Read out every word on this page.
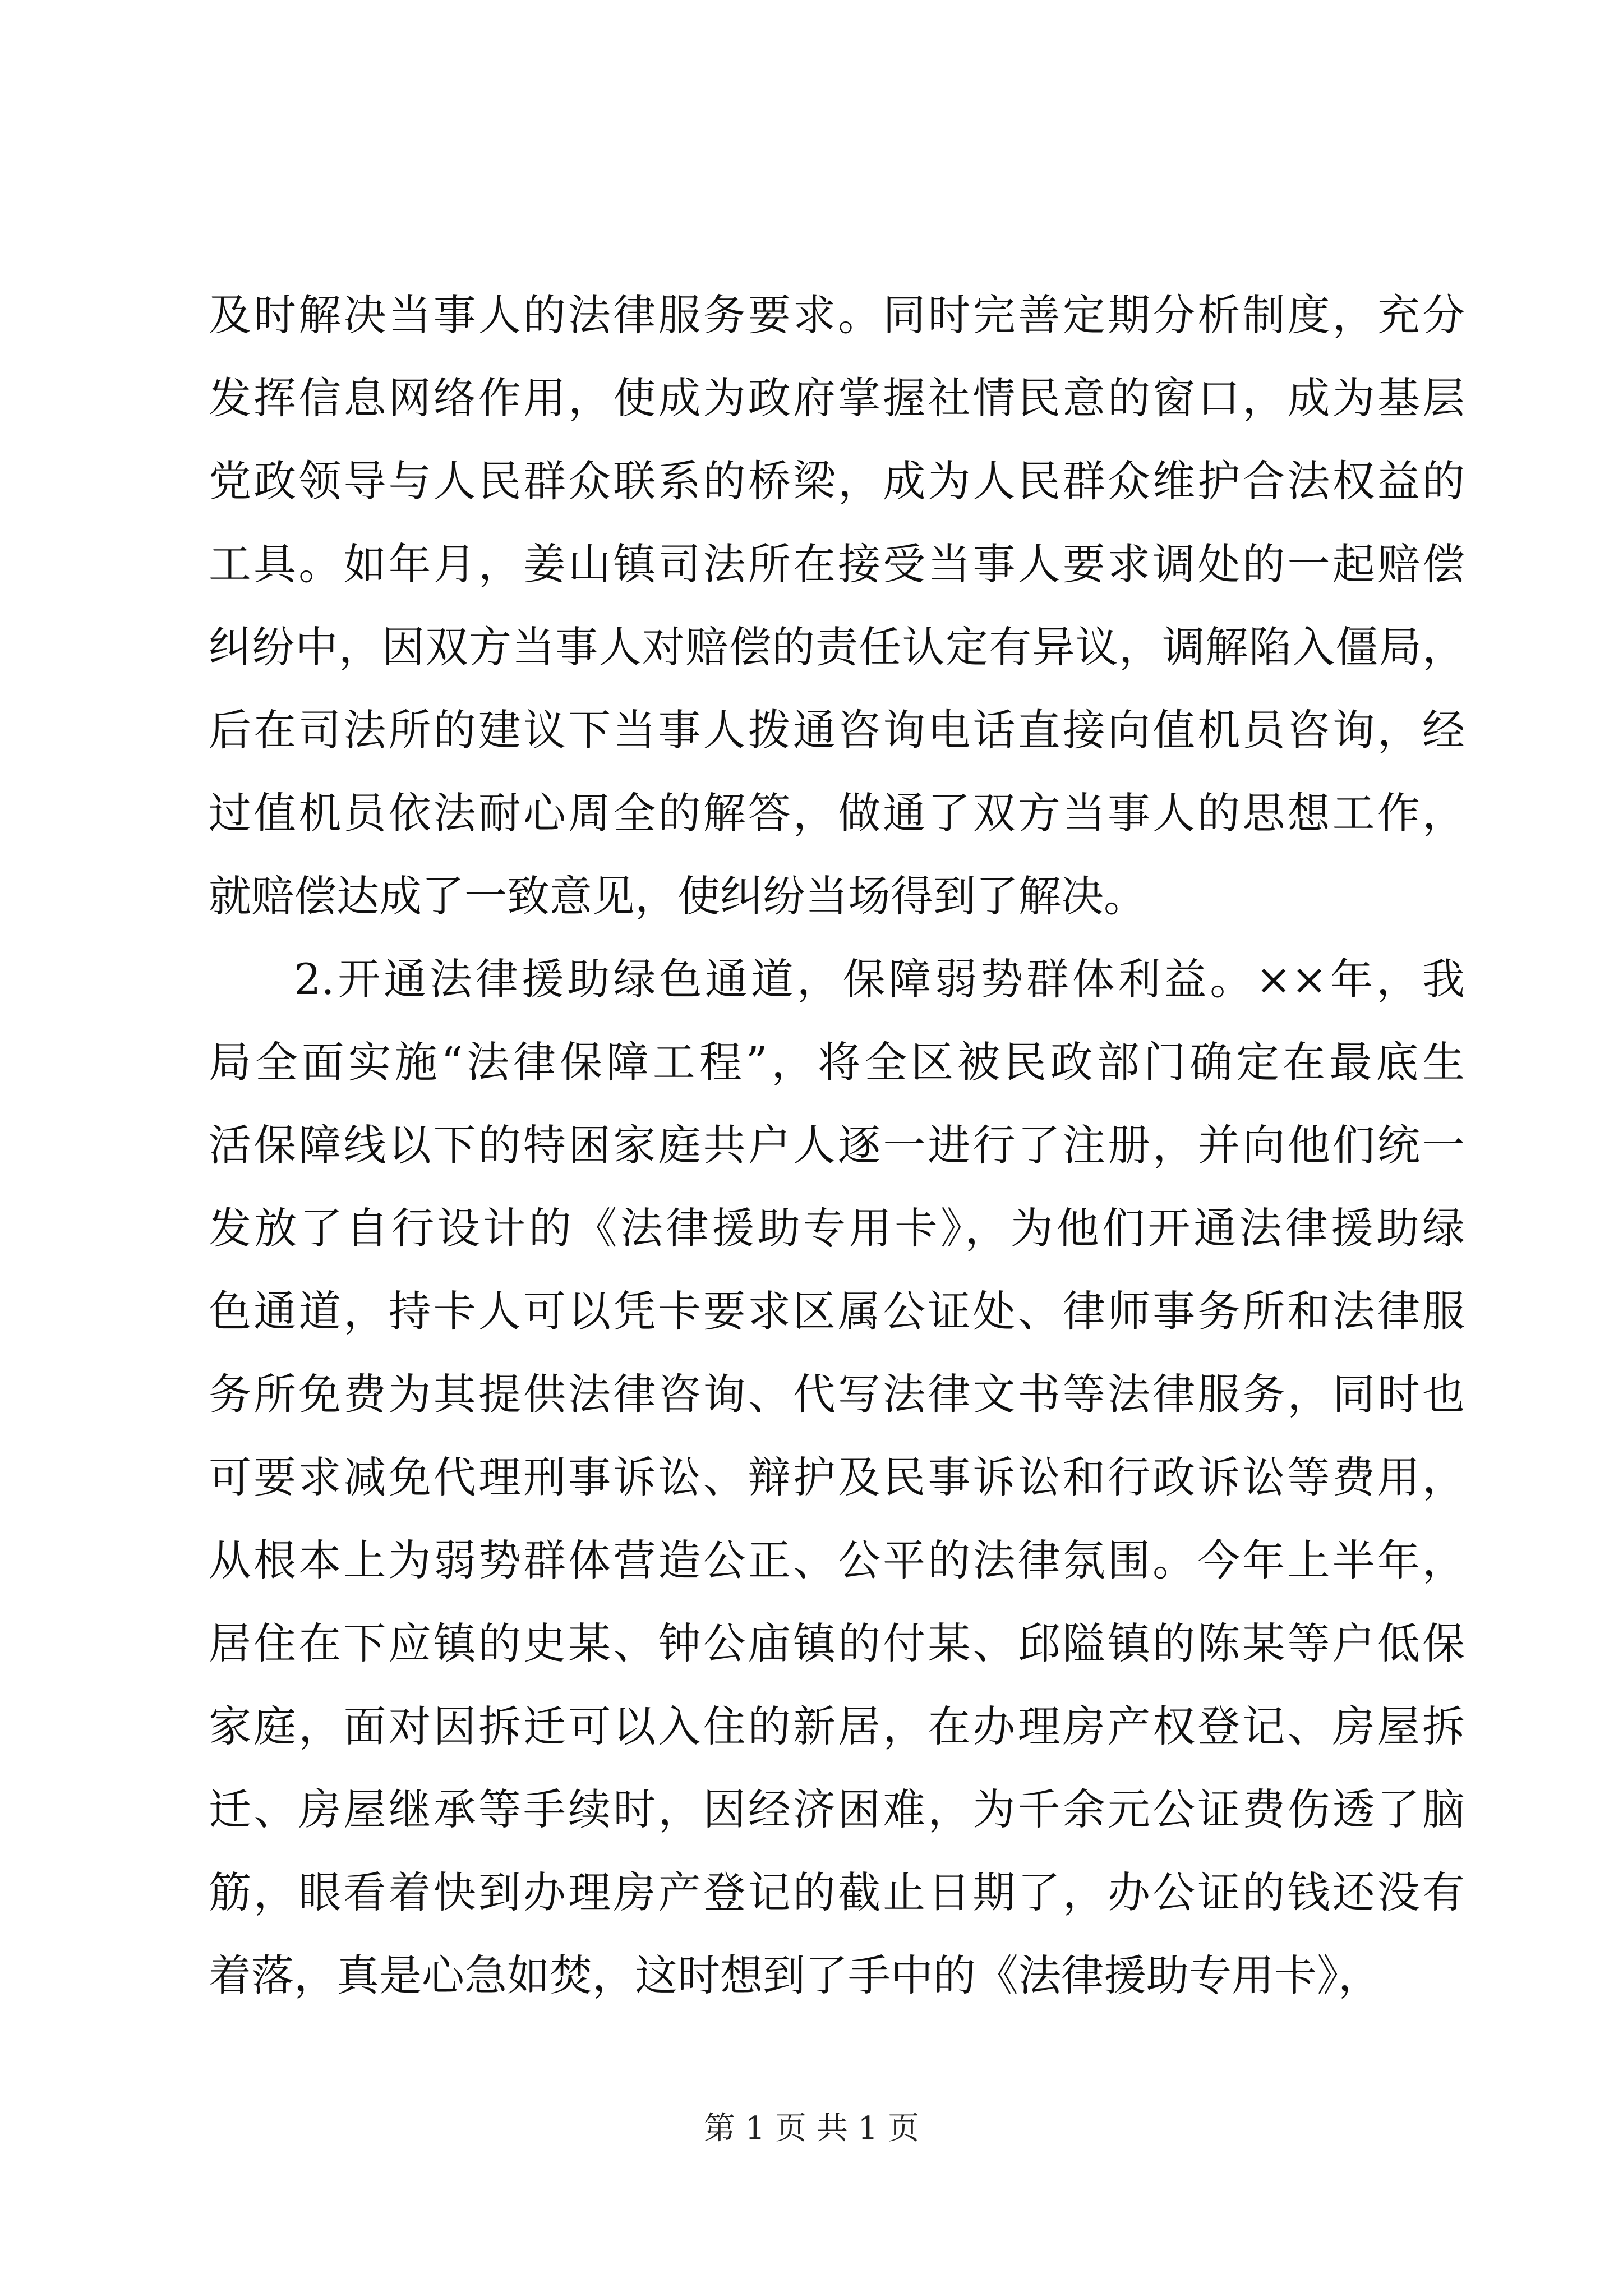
及时解决当事人的法律服务要求。同时完善定期分析制度，充分
发挥信息网络作用，使成为政府掌握社情民意的窗口，成为基层
党政领导与人民群众联系的桥梁，成为人民群众维护合法权益的
工具。如年月，姜山镇司法所在接受当事人要求调处的一起赔偿
纠纷中，因双方当事人对赔偿的责任认定有异议，调解陷入僵局，
后在司法所的建议下当事人拨通咨询电话直接向值机员咨询，经
过值机员依法耐心周全的解答，做通了双方当事人的思想工作，
就赔偿达成了一致意见，使纠纷当场得到了解决。
2.开通法律援助绿色通道，保障弱势群体利益。××年，我
局全面实施“法律保障工程”，将全区被民政部门确定在最底生
活保障线以下的特困家庭共户人逐一进行了注册，并向他们统一
发放了自行设计的《法律援助专用卡》，为他们开通法律援助绿
色通道，持卡人可以凭卡要求区属公证处、律师事务所和法律服
务所免费为其提供法律咨询、代写法律文书等法律服务，同时也
可要求减免代理刑事诉讼、辩护及民事诉讼和行政诉讼等费用，
从根本上为弱势群体营造公正、公平的法律氛围。今年上半年，
居住在下应镇的史某、钟公庙镇的付某、邱隘镇的陈某等户低保
家庭，面对因拆迁可以入住的新居，在办理房产权登记、房屋拆
迁、房屋继承等手续时，因经济困难，为千余元公证费伤透了脑
筋，眼看着快到办理房产登记的截止日期了，办公证的钱还没有
着落，真是心急如焚，这时想到了手中的《法律援助专用卡》，
第 1 页 共 1 页
